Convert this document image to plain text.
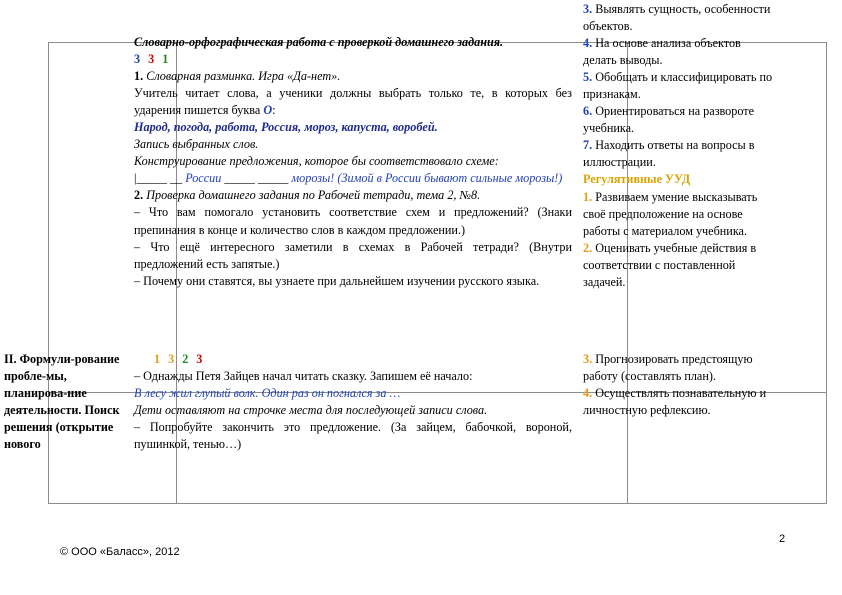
Словарно-орфографическая работа с проверкой домашнего задания.
3 3 1
1. Словарная разминка. Игра «Да-нет».
Учитель читает слова, а ученики должны выбрать только те, в которых без ударения пишется буква О:
Народ, погода, работа, Россия, мороз, капуста, воробей.
Запись выбранных слов.
Конструирование предложения, которое бы соответствовало схеме:
|_____ __ России _____ _____ морозы! (Зимой в России бывают сильные морозы!)
2. Проверка домашнего задания по Рабочей тетради, тема 2, №8.
– Что вам помогало установить соответствие схем и предложений? (Знаки препинания в конце и количество слов в каждом предложении.)
– Что ещё интересного заметили в схемах в Рабочей тетради? (Внутри предложений есть запятые.)
– Почему они ставятся, вы узнаете при дальнейшем изучении русского языка.
3. Выявлять сущность, особенности объектов.
4. На основе анализа объектов делать выводы.
5. Обобщать и классифицировать по признакам.
6. Ориентироваться на развороте учебника.
7. Находить ответы на вопросы в иллюстрации.
Регулятивные УУД
1. Развиваем умение высказывать своё предположение на основе работы с материалом учебника.
2. Оценивать учебные действия в соответствии с поставленной задачей.
II. Формули-рование пробле-мы, планирова-ние деятельности. Поиск решения (открытие нового
1 3 2 3
– Однажды Петя Зайцев начал читать сказку. Запишем её начало:
В лесу жил глупый волк. Один раз он погнался за …
Дети оставляют на строчке места для последующей записи слова.
– Попробуйте закончить это предложение. (За зайцем, бабочкой, вороной, пушинкой, тенью…)
3. Прогнозировать предстоящую работу (составлять план).
4. Осуществлять познавательную и личностную рефлексию.
2
© ООО «Баласс», 2012
